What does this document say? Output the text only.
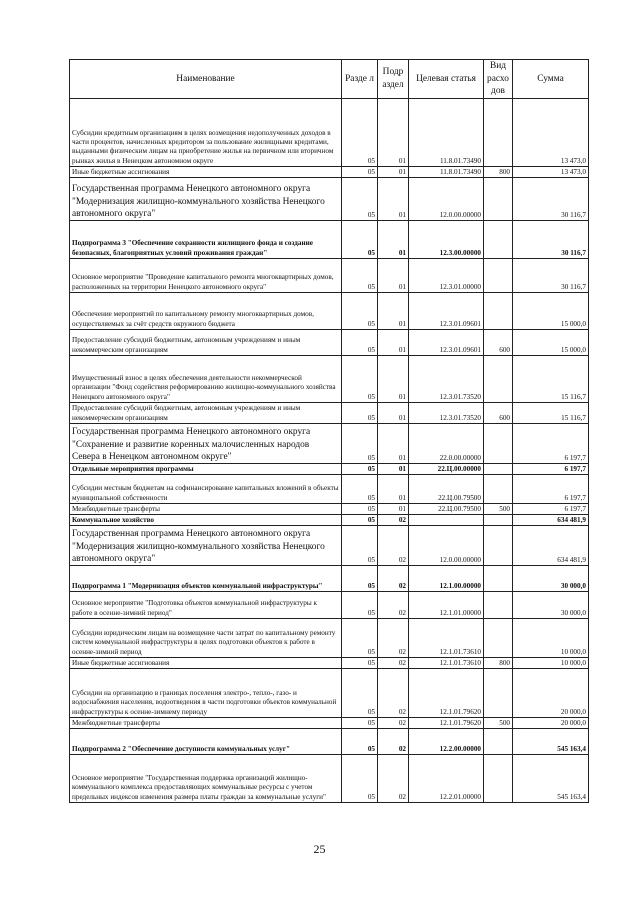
Наименование	Разде л	Подр аздел	Целевая статья	Вид расхо дов	Сумма
Субсидии кредитным организациям в целях возмещения недополученных доходов в части процентов, начисленных кредитором за пользование жилищными кредитами, выданными физическим лицам на приобретение жилья на первичном или вторичном рынках жилья в Ненецком автономном округе	05	01	11.8.01.73490		13 473,0
Иные бюджетные ассигнования	05	01	11.8.01.73490	800	13 473,0
Государственная программа Ненецкого автономного округа "Модернизация жилищно-коммунального хозяйства Ненецкого автономного округа"	05	01	12.0.00.00000		30 116,7
Подпрограмма 3 "Обеспечение сохранности жилищного фонда и создание безопасных, благоприятных условий проживания граждан"	05	01	12.3.00.00000		30 116,7
Основное мероприятие "Проведение капитального ремонта многоквартирных домов, расположенных на территории Ненецкого автономного округа"	05	01	12.3.01.00000		30 116,7
Обеспечение мероприятий по капитальному ремонту многоквартирных домов, осуществляемых за счёт средств окружного бюджета	05	01	12.3.01.09601		15 000,0
Предоставление субсидий бюджетным, автономным учреждениям и иным некоммерческим организациям	05	01	12.3.01.09601	600	15 000,0
Имущественный взнос в целях обеспечения деятельности некоммерческой организации "Фонд содействия реформированию жилищно-коммунального хозяйства Ненецкого автономного округа"	05	01	12.3.01.73520		15 116,7
Предоставление субсидий бюджетным, автономным учреждениям и иным некоммерческим организациям	05	01	12.3.01.73520	600	15 116,7
Государственная программа Ненецкого автономного округа "Сохранение и развитие коренных малочисленных народов Севера в Ненецком автономном округе"	05	01	22.0.00.00000		6 197,7
Отдельные мероприятия программы	05	01	22.Ц.00.00000		6 197,7
Субсидии местным бюджетам на софинансирование капитальных вложений в объекты муниципальной собственности	05	01	22.Ц.00.79500		6 197,7
Межбюджетные трансферты	05	01	22.Ц.00.79500	500	6 197,7
Коммунальное хозяйство	05	02			634 481,9
Государственная программа Ненецкого автономного округа "Модернизация жилищно-коммунального хозяйства Ненецкого автономного округа"	05	02	12.0.00.00000		634 481,9
Подпрограмма 1 "Модернизация объектов коммунальной инфраструктуры"	05	02	12.1.00.00000		30 000,0
Основное мероприятие "Подготовка объектов коммунальной инфраструктуры к работе в осенне-зимний период"	05	02	12.1.01.00000		30 000,0
Субсидии юридическим лицам на возмещение части затрат по капитальному ремонту систем коммунальной инфраструктуры в целях подготовки объектов к работе в осенне-зимний период	05	02	12.1.01.73610		10 000,0
Иные бюджетные ассигнования	05	02	12.1.01.73610	800	10 000,0
Субсидии на организацию в границах поселения электро-, тепло-, газо- и водоснабжения населения, водоотведения в части подготовки объектов коммунальной инфраструктуры к осенне-зимнему периоду	05	02	12.1.01.79620		20 000,0
Межбюджетные трансферты	05	02	12.1.01.79620	500	20 000,0
Подпрограмма 2 "Обеспечение доступности коммунальных услуг"	05	02	12.2.00.00000		545 163,4
Основное мероприятие "Государственная поддержка организаций жилищно-коммунального комплекса предоставляющих коммунальные ресурсы с учетом предельных индексов изменения размера платы граждан за коммунальные услуги"	05	02	12.2.01.00000		545 163,4
25
